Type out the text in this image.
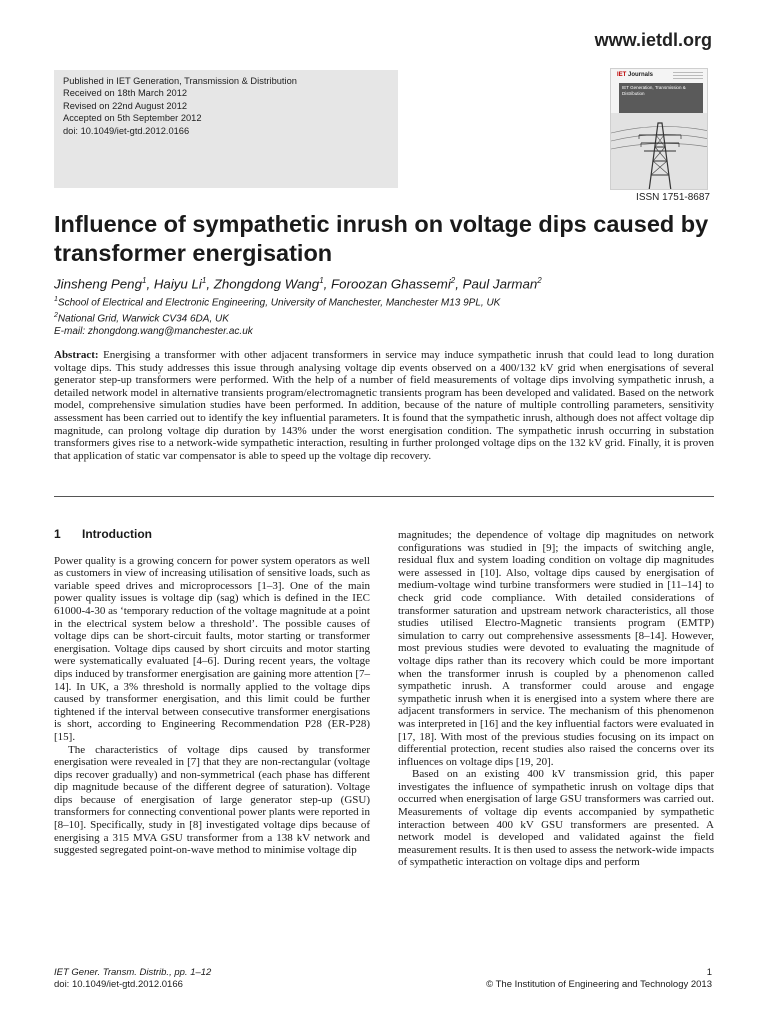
www.ietdl.org
Published in IET Generation, Transmission & Distribution
Received on 18th March 2012
Revised on 22nd August 2012
Accepted on 5th September 2012
doi: 10.1049/iet-gtd.2012.0166
IET Journals
IET Generation, Transmission & Distribution
ISSN 1751-8687
Influence of sympathetic inrush on voltage dips caused by transformer energisation
Jinsheng Peng$^1$, Haiyu Li$^1$, Zhongdong Wang$^1$, Foroozan Ghassemi$^2$, Paul Jarman$^2$
$^1$School of Electrical and Electronic Engineering, University of Manchester, Manchester M13 9PL, UK
$^2$National Grid, Warwick CV34 6DA, UK
E-mail: zhongdong.wang@manchester.ac.uk

Abstract: Energising a transformer with other adjacent transformers in service may induce sympathetic inrush that could lead to long duration voltage dips. This study addresses this issue through analysing voltage dip events observed on a 400/132 kV grid when energisations of several generator step-up transformers were performed. With the help of a number of field measurements of voltage dips involving sympathetic inrush, a detailed network model in alternative transients program/electromagnetic transients program has been developed and validated. Based on the network model, comprehensive simulation studies have been performed. In addition, because of the nature of multiple controlling parameters, sensitivity assessment has been carried out to identify the key influential parameters. It is found that the sympathetic inrush, although does not affect voltage dip magnitude, can prolong voltage dip duration by 143% under the worst energisation condition. The sympathetic inrush occurring in substation transformers gives rise to a network-wide sympathetic interaction, resulting in further prolonged voltage dips on the 132 kV grid. Finally, it is proven that application of static var compensator is able to speed up the voltage dip recovery.

1 Introduction

Power quality is a growing concern for power system operators as well as customers in view of increasing utilisation of sensitive loads, such as variable speed drives and microprocessors [1–3]. One of the main power quality issues is voltage dip (sag) which is defined in the IEC 61000-4-30 as ‘temporary reduction of the voltage magnitude at a point in the electrical system below a threshold’. The possible causes of voltage dips can be short-circuit faults, motor starting or transformer energisation. Voltage dips caused by short circuits and motor starting were systematically evaluated [4–6]. During recent years, the voltage dips induced by transformer energisation are gaining more attention [7–14]. In UK, a 3% threshold is normally applied to the voltage dips caused by transformer energisation, and this limit could be further tightened if the interval between consecutive transformer energisations is short, according to Engineering Recommendation P28 (ER-P28) [15].

The characteristics of voltage dips caused by transformer energisation were revealed in [7] that they are non-rectangular (voltage dips recover gradually) and non-symmetrical (each phase has different dip magnitude because of the different degree of saturation). Voltage dips because of energisation of large generator step-up (GSU) transformers for connecting conventional power plants were reported in [8–10]. Specifically, study in [8] investigated voltage dips because of energising a 315 MVA GSU transformer from a 138 kV network and suggested segregated point-on-wave method to minimise voltage dip

magnitudes; the dependence of voltage dip magnitudes on network configurations was studied in [9]; the impacts of switching angle, residual flux and system loading condition on voltage dip magnitudes were assessed in [10]. Also, voltage dips caused by energisation of medium-voltage wind turbine transformers were studied in [11–14] to check grid code compliance. With detailed considerations of transformer saturation and upstream network characteristics, all those studies utilised Electro-Magnetic transients program (EMTP) simulation to carry out comprehensive assessments [8–14]. However, most previous studies were devoted to evaluating the magnitude of voltage dips rather than its recovery which could be more important when the transformer inrush is coupled by a phenomenon called sympathetic inrush. A transformer could arouse and engage sympathetic inrush when it is energised into a system where there are adjacent transformers in service. The mechanism of this phenomenon was interpreted in [16] and the key influential factors were evaluated in [17, 18]. With most of the previous studies focusing on its impact on differential protection, recent studies also raised the concerns over its influences on voltage dips [19, 20].

Based on an existing 400 kV transmission grid, this paper investigates the influence of sympathetic inrush on voltage dips that occurred when energisation of large GSU transformers was carried out. Measurements of voltage dip events accompanied by sympathetic interaction between 400 kV GSU transformers are presented. A network model is developed and validated against the field measurement results. It is then used to assess the network-wide impacts of sympathetic interaction on voltage dips and perform

IET Gener. Transm. Distrib., pp. 1–12
doi: 10.1049/iet-gtd.2012.0166
1
© The Institution of Engineering and Technology 2013
